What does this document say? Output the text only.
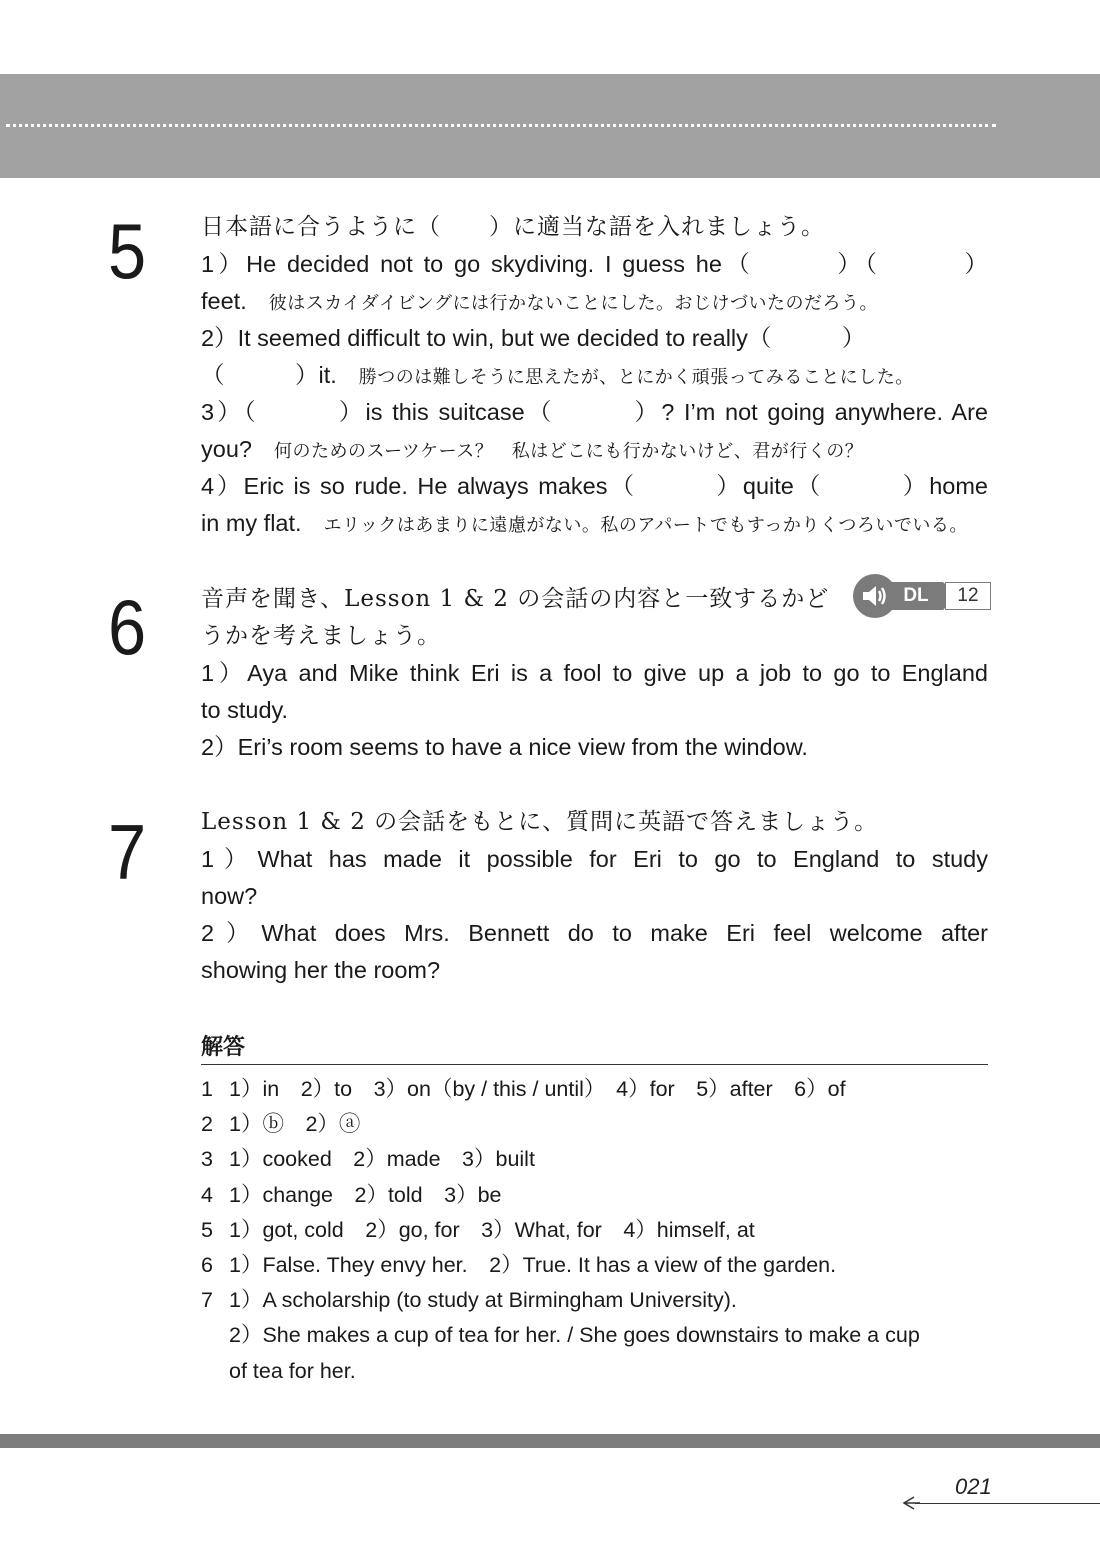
5 日本語に合うように（　　）に適当な語を入れましょう。
1）He decided not to go skydiving. I guess he（　　　）（　　　）
feet. 彼はスカイダイビングには行かないことにした。おじけづいたのだろう。
2）It seemed difficult to win, but we decided to really（　　　）
（　　　）it. 勝つのは難しそうに思えたが、とにかく頑張ってみることにした。
3）（　　　）is this suitcase（　　　）? I’m not going anywhere. Are
you? 何のためのスーツケース？　私はどこにも行かないけど、君が行くの？
4）Eric is so rude. He always makes（　　　）quite（　　　）home
in my flat. エリックはあまりに遠慮がない。私のアパートでもすっかりくつろいでいる。
6 音声を聞き、Lesson 1 & 2 の会話の内容と一致するかど
うかを考えましょう。
1）Aya and Mike think Eri is a fool to give up a job to go to England
to study.
2）Eri’s room seems to have a nice view from the window.
DL	12
7 Lesson 1 & 2 の会話をもとに、質問に英語で答えましょう。
1）What has made it possible for Eri to go to England to study
now?
2）What does Mrs. Bennett do to make Eri feel welcome after
showing her the room?
解答
1 1）in　2）to　3）on（by / this / until）　4）for　5）after　6）of
2 1）ⓑ　2）ⓐ
3 1）cooked　2）made　3）built
4 1）change　2）told　3）be
5 1）got, cold　2）go, for　3）What, for　4）himself, at
6 1）False. They envy her.　2）True. It has a view of the garden.
7 1）A scholarship (to study at Birmingham University).
2）She makes a cup of tea for her. / She goes downstairs to make a cup
of tea for her.
021
